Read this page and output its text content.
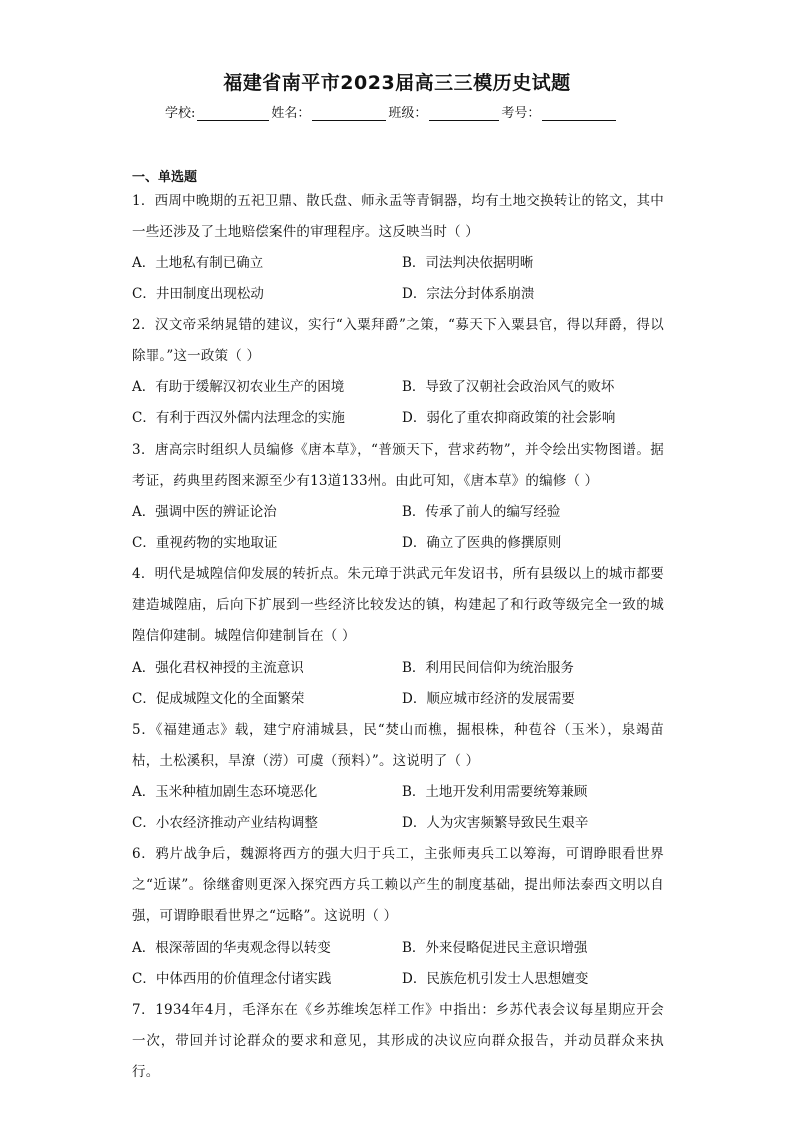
福建省南平市2023届高三三模历史试题
学校:	姓名：	班级：	考号：
一、单选题
1．西周中晚期的五祀卫鼎、散氏盘、师永盂等青铜器，均有土地交换转让的铭文，其中一些还涉及了土地赔偿案件的审理程序。这反映当时（ ）
A．土地私有制已确立	B．司法判决依据明晰
C．井田制度出现松动	D．宗法分封体系崩溃
2．汉文帝采纳晁错的建议，实行“入粟拜爵”之策，“募天下入粟县官，得以拜爵，得以除罪。”这一政策（ ）
A．有助于缓解汉初农业生产的困境	B．导致了汉朝社会政治风气的败坏
C．有利于西汉外儒内法理念的实施	D．弱化了重农抑商政策的社会影响
3．唐高宗时组织人员编修《唐本草》，“普颁天下，营求药物”，并令绘出实物图谱。据考证，药典里药图来源至少有13道133州。由此可知，《唐本草》的编修（ ）
A．强调中医的辨证论治	B．传承了前人的编写经验
C．重视药物的实地取证	D．确立了医典的修撰原则
4．明代是城隍信仰发展的转折点。朱元璋于洪武元年发诏书，所有县级以上的城市都要建造城隍庙，后向下扩展到一些经济比较发达的镇，构建起了和行政等级完全一致的城隍信仰建制。城隍信仰建制旨在（ ）
A．强化君权神授的主流意识	B．利用民间信仰为统治服务
C．促成城隍文化的全面繁荣	D．顺应城市经济的发展需要
5．《福建通志》载，建宁府浦城县，民“焚山而樵，掘根株，种苞谷（玉米），泉竭苗枯，土松溪积，旱潦（涝）可虞（预料）”。这说明了（ ）
A．玉米种植加剧生态环境恶化	B．土地开发利用需要统筹兼顾
C．小农经济推动产业结构调整	D．人为灾害频繁导致民生艰辛
6．鸦片战争后，魏源将西方的强大归于兵工，主张师夷兵工以筹海，可谓睁眼看世界之“近谋”。徐继畬则更深入探究西方兵工赖以产生的制度基础，提出师法泰西文明以自强，可谓睁眼看世界之“远略”。这说明（ ）
A．根深蒂固的华夷观念得以转变	B．外来侵略促进民主意识增强
C．中体西用的价值理念付诸实践	D．民族危机引发士人思想嬗变
7．1934年4月，毛泽东在《乡苏维埃怎样工作》中指出：乡苏代表会议每星期应开会一次，带回并讨论群众的要求和意见，其形成的决议应向群众报告，并动员群众来执行。
